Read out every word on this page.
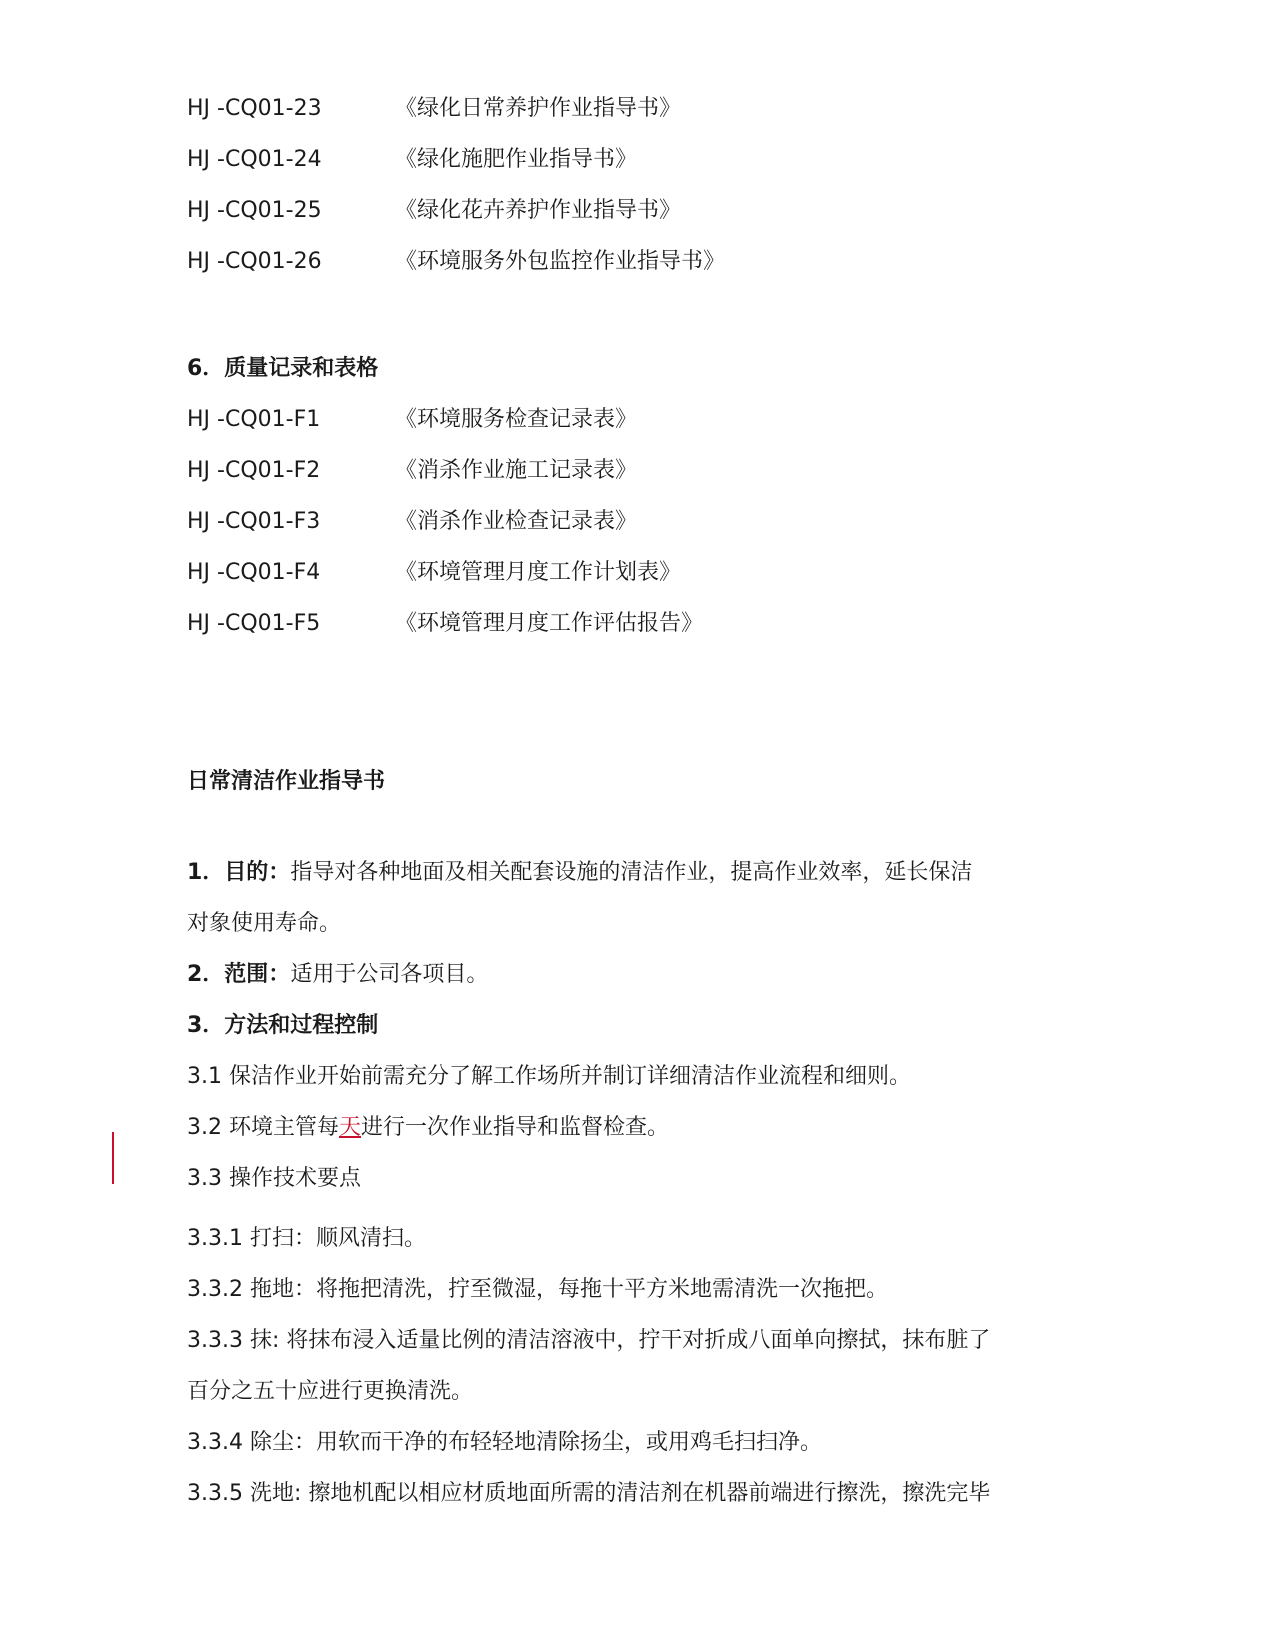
HJ -CQ01-23	《绿化日常养护作业指导书》
HJ -CQ01-24	《绿化施肥作业指导书》
HJ -CQ01-25	《绿化花卉养护作业指导书》
HJ -CQ01-26	《环境服务外包监控作业指导书》
6．质量记录和表格
HJ -CQ01-F1	《环境服务检查记录表》
HJ -CQ01-F2	《消杀作业施工记录表》
HJ -CQ01-F3	《消杀作业检查记录表》
HJ -CQ01-F4	《环境管理月度工作计划表》
HJ -CQ01-F5	《环境管理月度工作评估报告》
日常清洁作业指导书
1．目的：指导对各种地面及相关配套设施的清洁作业，提高作业效率，延长保洁
对象使用寿命。
2．范围：适用于公司各项目。
3．方法和过程控制
3.1 保洁作业开始前需充分了解工作场所并制订详细清洁作业流程和细则。
3.2 环境主管每天进行一次作业指导和监督检查。
3.3 操作技术要点
3.3.1 打扫：顺风清扫。
3.3.2 拖地：将拖把清洗，拧至微湿，每拖十平方米地需清洗一次拖把。
3.3.3 抹: 将抹布浸入适量比例的清洁溶液中，拧干对折成八面单向擦拭，抹布脏了
百分之五十应进行更换清洗。
3.3.4 除尘：用软而干净的布轻轻地清除扬尘，或用鸡毛扫扫净。
3.3.5 洗地: 擦地机配以相应材质地面所需的清洁剂在机器前端进行擦洗，擦洗完毕
